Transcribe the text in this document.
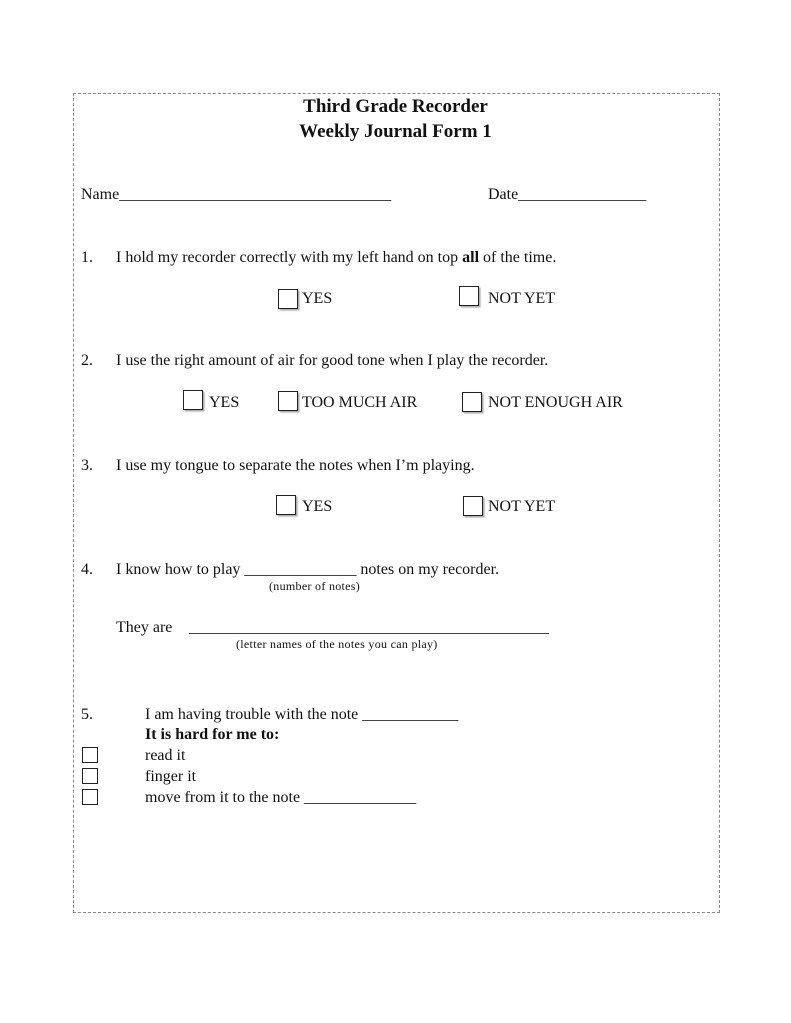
Third Grade Recorder
Weekly Journal Form 1
Name__________________________________	Date________________
1. I hold my recorder correctly with my left hand on top all of the time.
YES	NOT YET
2. I use the right amount of air for good tone when I play the recorder.
YES	TOO MUCH AIR	NOT ENOUGH AIR
3. I use my tongue to separate the notes when I’m playing.
YES	NOT YET
4. I know how to play ______________ notes on my recorder.
(number of notes)
They are _____________________________________________
(letter names of the notes you can play)
5.	I am having trouble with the note ____________
It is hard for me to:
read it
finger it
move from it to the note ______________
